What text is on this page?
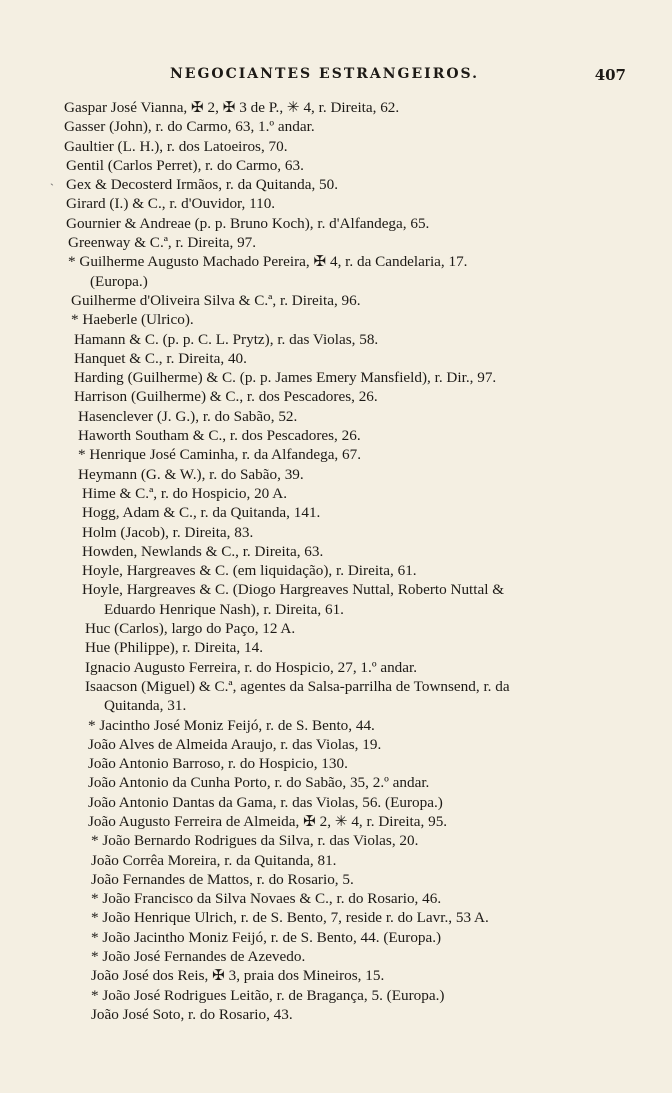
NEGOCIANTES ESTRANGEIROS.	407
ˎ
Gaspar José Vianna, ✠ 2, ✠ 3 de P., ✳ 4, r. Direita, 62.
Gasser (John), r. do Carmo, 63, 1.º andar.
Gaultier (L. H.), r. dos Latoeiros, 70.
Gentil (Carlos Perret), r. do Carmo, 63.
Gex & Decosterd Irmãos, r. da Quitanda, 50.
Girard (I.) & C., r. d'Ouvidor, 110.
Gournier & Andreae (p. p. Bruno Koch), r. d'Alfandega, 65.
Greenway & C.ª, r. Direita, 97.
* Guilherme Augusto Machado Pereira, ✠ 4, r. da Candelaria, 17.
(Europa.)
Guilherme d'Oliveira Silva & C.ª, r. Direita, 96.
* Haeberle (Ulrico).
Hamann & C. (p. p. C. L. Prytz), r. das Violas, 58.
Hanquet & C., r. Direita, 40.
Harding (Guilherme) & C. (p. p. James Emery Mansfield), r. Dir., 97.
Harrison (Guilherme) & C., r. dos Pescadores, 26.
Hasenclever (J. G.), r. do Sabão, 52.
Haworth Southam & C., r. dos Pescadores, 26.
* Henrique José Caminha, r. da Alfandega, 67.
Heymann (G. & W.), r. do Sabão, 39.
Hime & C.ª, r. do Hospicio, 20 A.
Hogg, Adam & C., r. da Quitanda, 141.
Holm (Jacob), r. Direita, 83.
Howden, Newlands & C., r. Direita, 63.
Hoyle, Hargreaves & C. (em liquidação), r. Direita, 61.
Hoyle, Hargreaves & C. (Diogo Hargreaves Nuttal, Roberto Nuttal &
Eduardo Henrique Nash), r. Direita, 61.
Huc (Carlos), largo do Paço, 12 A.
Hue (Philippe), r. Direita, 14.
Ignacio Augusto Ferreira, r. do Hospicio, 27, 1.º andar.
Isaacson (Miguel) & C.ª, agentes da Salsa-parrilha de Townsend, r. da
Quitanda, 31.
* Jacintho José Moniz Feijó, r. de S. Bento, 44.
João Alves de Almeida Araujo, r. das Violas, 19.
João Antonio Barroso, r. do Hospicio, 130.
João Antonio da Cunha Porto, r. do Sabão, 35, 2.º andar.
João Antonio Dantas da Gama, r. das Violas, 56. (Europa.)
João Augusto Ferreira de Almeida, ✠ 2, ✳ 4, r. Direita, 95.
* João Bernardo Rodrigues da Silva, r. das Violas, 20.
João Corrêa Moreira, r. da Quitanda, 81.
João Fernandes de Mattos, r. do Rosario, 5.
* João Francisco da Silva Novaes & C., r. do Rosario, 46.
* João Henrique Ulrich, r. de S. Bento, 7, reside r. do Lavr., 53 A.
* João Jacintho Moniz Feijó, r. de S. Bento, 44. (Europa.)
* João José Fernandes de Azevedo.
João José dos Reis, ✠ 3, praia dos Mineiros, 15.
* João José Rodrigues Leitão, r. de Bragança, 5. (Europa.)
João José Soto, r. do Rosario, 43.
